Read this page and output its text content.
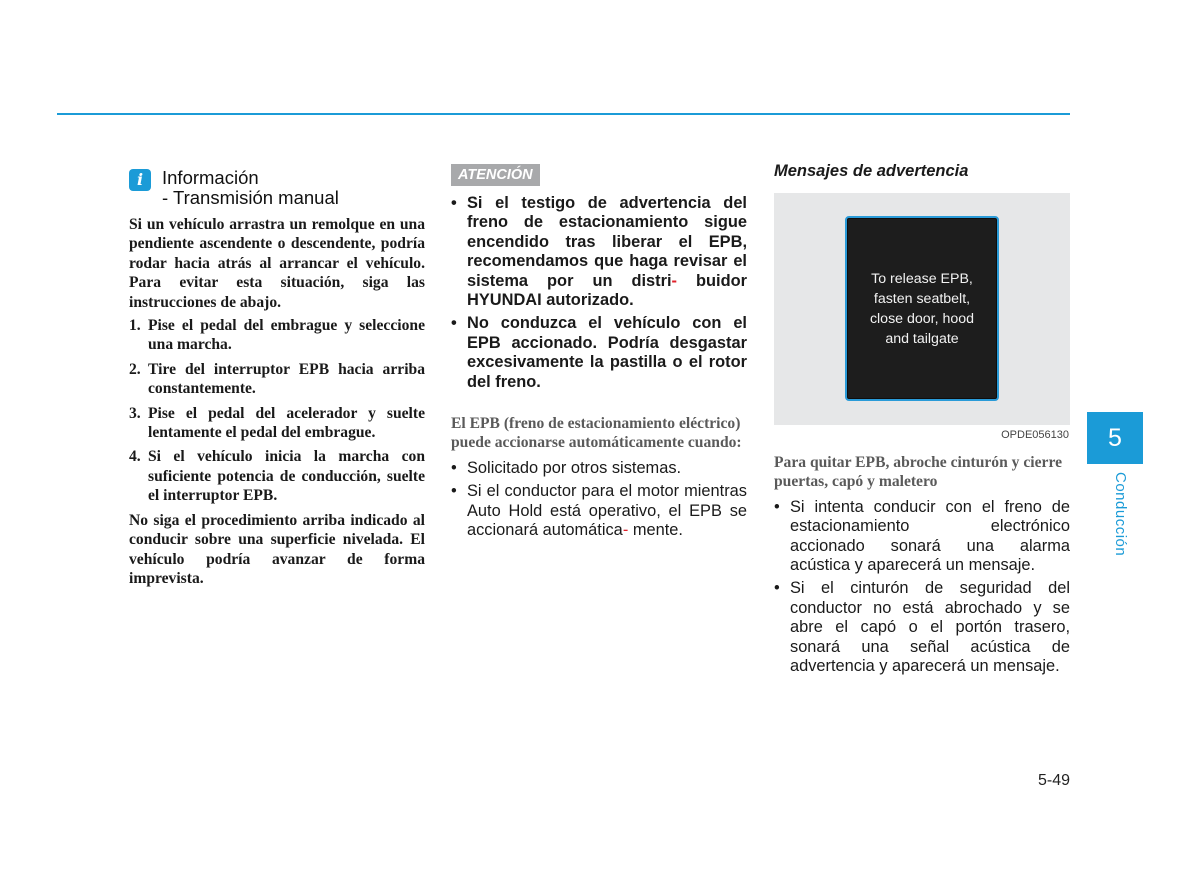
i	Información
- Transmisión manual
Si un vehículo arrastra un remolque en una pendiente ascendente o descendente, podría rodar hacia atrás al arrancar el vehículo. Para evitar esta situación, siga las instrucciones de abajo.
1. Pise el pedal del embrague y seleccione una marcha.
2. Tire del interruptor EPB hacia arriba constantemente.
3. Pise el pedal del acelerador y suelte lentamente el pedal del embrague.
4. Si el vehículo inicia la marcha con suficiente potencia de conducción, suelte el interruptor EPB.
No siga el procedimiento arriba indicado al conducir sobre una superficie nivelada. El vehículo podría avanzar de forma imprevista.
ATENCIÓN
• Si el testigo de advertencia del freno de estacionamiento sigue encendido tras liberar el EPB, recomendamos que haga revisar el sistema por un distri- buidor HYUNDAI autorizado.
• No conduzca el vehículo con el EPB accionado. Podría desgastar excesivamente la pastilla o el rotor del freno.
El EPB (freno de estacionamiento eléctrico) puede accionarse automáticamente cuando:
• Solicitado por otros sistemas.
• Si el conductor para el motor mientras Auto Hold está operativo, el EPB se accionará automática- mente.
Mensajes de advertencia
To release EPB,
fasten seatbelt,
close door, hood
and tailgate
OPDE056130
Para quitar EPB, abroche cinturón y cierre puertas, capó y maletero
• Si intenta conducir con el freno de estacionamiento electrónico accionado sonará una alarma acústica y aparecerá un mensaje.
• Si el cinturón de seguridad del conductor no está abrochado y se abre el capó o el portón trasero, sonará una señal acústica de advertencia y aparecerá un mensaje.
5
Conducción
5-49
